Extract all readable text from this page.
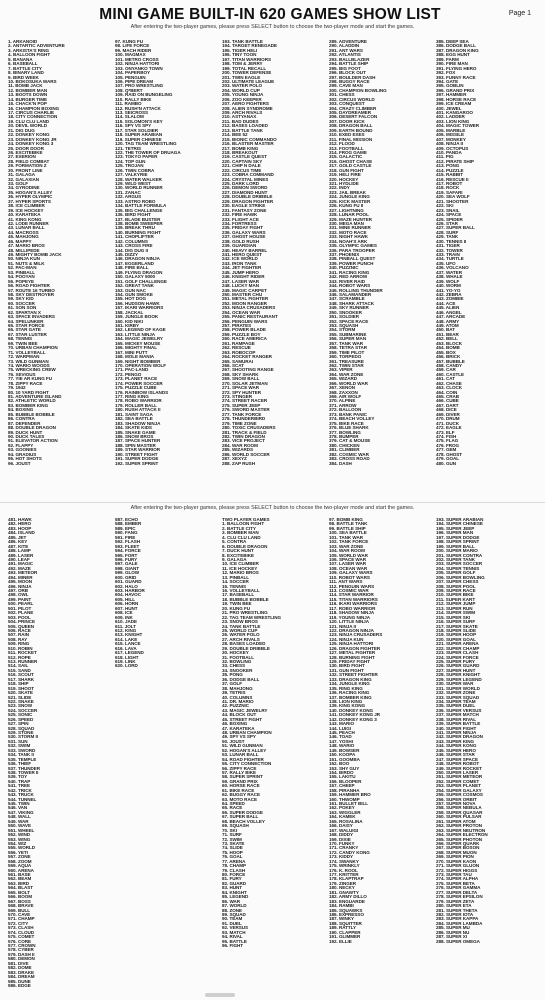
MINI GAME BUILT-IN 620 GAMES SHOW LIST	Page 1
After entering the two-player games, please press SELECT button to choose the two-player mode and start the games.
1. ARKANOID
2. ANTARTIC ADVENTURE
3. ARKISTA'S RING
4. BALLOON FIGHT
5. BANANA
6. BASEBALL
7. BATTLE CITY
8. BINARY LAND
9. BIRD WEEK
10. BOKOSUKA WARS
11. BOMB JACK
12. BOMBER MAN
13. BOOTS DOWN
14. BURGER TIME
15. CHACK'N POP
16. CHAMPION BOXING
17. CIRCUS CHARLIE
18. CITY CONNECTION
19. CLU CLU LAND
20. DEVIL WORLD
21. DIG DUG
22. DONKEY KONG
23. DONKEY KONG JR
24. DONKEY KONG 3
25. DOOR DOOR
26. EXCITEBIKE
27. EXERION
28. FIELD COMBAT
29. FORMATION Z
30. FRONT LINE
31. GALAGA
32. GALAXIAN
33. GOLF
34. GYRODINE
35. HOGAN'S ALLEY
36. HYPER OLYMPIC
37. HYPER SPORTS
38. ICE CLIMBER
39. ICE HOCKEY
40. KARATEKA
41. KING KONG
42. LODE RUNNER
43. LUNAR BALL
44. MACROSS
45. MAHJONG
46. MAPPY
47. MARIO BROS
48. MILLIPEDE
49. MIGHTY BOMB JACK
50. NINJA KUN
51. NUTS & MILK
52. PAC-MAN
53. PINBALL
54. POOYAN
55. POPEYE
56. ROAD FIGHTER
57. ROUTE 16 TURBO
58. SKY DESTROYER
59. SKY KID
60. SOCCER
61. SON SON
62. SPARTAN X
63. SPACE INVADERS
64. SPELUNKER
65. STAR FORCE
66. STAR GATE
67. STAR LUSTER
68. TENNIS
69. TWIN BEE
70. URBAN CHAMPION
71. VOLLEYBALL
72. WARPMAN
73. WILD GUNMAN
74. WARIO WOODS
75. WRECKING CREW
76. XEVIOUS
77. YIE AR KUNG FU
78. ZIPPY RACE
79. 1942
80. 10 YARD FIGHT
81. ADVENTURE ISLAND
82. ATHLETIC WORLD
83. BOMBER KING
84. BOXING
85. BUBBLE BOBBLE
86. CONTRA
87. DEFENDER
88. DOUBLE DRAGON
89. DUCK HUNT
90. DUCK TALES
91. ELEVATOR ACTION
92. FLAPPY
93. GOONIES
94. GRADIUS
95. HOT SHOTS
96. JOUST
97. KUNG FU
98. LIFE FORCE
99. MACH RIDER
100. MAGMAX
101. METRO CROSS
102. NINJA HATTORI
103. ONYANKO TOWN
104. PAPERBOY
105. PENGUIN
106. PIPE DREAM
107. PRO WRESTLING
108. Q*BERT
109. RAID ON BUNGELING
110. RALLY BIKE
111. RAMBO
112. RUSH'N ATTACK
113. SEICROSS
114. SLALOM
115. SOLOMON'S KEY
116. SPY VS SPY
117. STAR SOLDIER
118. SUPER ARABIAN
119. SUPER CHINESE
120. TAG TEAM WRESTLING
121. TETRIS
122. THE TOWER OF DRUAGA
123. TOKYO PAPER
124. TOP GUN
125. TROJAN
126. TWIN COBRA
127. VALKYRIE
128. WATER WALKER
129. WILD WEST
130. WORLD RUNNER
131. ZANAC
132. ARGUS
133. ASTRO ROBO
134. BATTLE FORMULA
135. BIG CHALLENGE
136. BIRD FIGHT
137. BLADE BUSTER
138. BOMB SWEEPER
139. BREAK THRU
140. BURNING FIGHT
141. CHOPLIFTER
142. COLUMNS
143. CROSS FIRE
144. DIG DUG II
145. DIZZY
146. DRAGON NINJA
147. EGGERLAND
148. FIRE BALL
149. FLYING DRAGON
150. GALAXY 5000
151. GOLF CHALLENGE
152. GREAT TANK
153. GUN NAC
154. GUN SMOKE
155. HOT DOG
156. HUDSON HAWK
157. IKARI WARRIORS
158. JACKAL
159. JUNGLE BOOK
160. KID NIKI
161. KIRBY
162. LEGEND OF KAGE
163. LITTLE NINJA
164. MAGIC JEWELRY
165. MICKEY MOUSE
166. MIGHTY FINAL
167. MINI PUTT
168. MOLE MANIA
169. NIGHT BOMBER
170. OPERATION WOLF
171. PAC-LAND
172. PENGO
173. PLANET RACE
174. POWER SOCCER
175. PUZZLE CUBE
176. RAINBOW ISLANDS
177. RING KING
178. ROBO WARRIOR
179. ROLLER BALL
180. RUSH ATTACK II
181. SAINT SAGA
182. SEA BATTLE
183. SHADOW NINJA
184. SKATE KIDS
185. SNAKE GAME
186. SNOW BROS
187. SPACE HUNTER
188. SPIN MASTER
189. STAR WARRIOR
190. STREET FIGHT
191. SUPER DODGE
192. SUPER SPRINT
193. TANK BATTLE
194. TARGET RENEGADE
195. TIGER HELI
196. TINY TOON
197. TITAN WARRIORS
198. TOM & JERRY
199. TOTAL RECALL
200. TOWER DEFENSE
201. TWIN EAGLE
202. ULTIMATE LEAGUE
203. WATER POLO
204. WORLD CUP
205. YOUNG NINJA
206. ZOO KEEPER
207. AERO FIGHTERS
208. ALIEN SYNDROME
209. ARCH RIVALS
210. ASTYANAX
211. BAD DUDES
212. BASES LOADED
213. BATTLE TANK
214. BEE 52
215. BIONIC COMMANDO
216. BLASTER MASTER
217. BOMB KING
218. BREAKOUT
219. CASTLE QUEST
220. CAPTAIN SKY
221. CHIP N DALE
222. CIRCUS TIME
223. COBRA COMMAND
224. CRYSTAL MINES
225. DARK LORD
226. DEMON SWORD
227. DIAMOND HUNT
228. DOUBLE DRIBBLE
229. DRAGON FIGHTER
230. EAGLE STRIKE
231. FANTASY ZONE
232. FIRE HAWK
233. FLIGHT ACE
234. FORTRESS
235. FRIDAY FIGHT
236. GALAXY WARS
237. GHOST HOUSE
238. GOLD RUSH
239. GUARDIAN
240. HEAVY BARREL
241. HERO QUEST
242. ICE WORLD
243. IRON TANK
244. JET FIGHTER
245. JUMP HERO
246. KNIGHT RIDER
247. LASER WAR
248. LUCKY MAN
249. MAGIC CARPET
250. MASTER CHU
251. METAL FIGHTER
252. MOON RANGER
253. NINJA CRUSADERS
254. OCEAN WAR
255. PANIC RESTAURANT
256. PENGUIN WARS
257. PIRATES
258. POWER BLADE
259. PUZZLE BOY
260. RACE AMERICA
261. RAMPAGE
262. RESCUE
263. ROBOCOP
264. ROCKET RANGER
265. SAMURAI
266. SCAT
267. SHOOTING RANGE
268. SKY SHARK
269. SNOW BALL
270. SOLAR JETMAN
271. SPACE WAR
272. SPY HUNTER
273. STINGER
274. STREET RACER
275. SUPER JEEP
276. SWORD MASTER
277. TANK FORCE
278. THUNDERBIRD
279. TIME ZONE
280. TOXIC CRUSADERS
281. TRACK & FIELD
282. TWIN DRAGON
283. VICE PROJECT
284. WAR ROOM
285. WIZARDS
286. WORLD SOCCER
287. XEXYZ
288. ZAP RUSH
289. ADVENTURE
290. ALADDIN
291. ANT WARS
292. ATLANTIS
293. BALLBLAZER
294. BATTLE SHIP
295. BIG FOOT
296. BLOCK OUT
297. BOULDER DASH
298. BUGGY RACE
299. CAVE MAN
300. CHAMPION BOWLING
301. CHESS
302. CIRCUS WORLD
303. CONQUEST
304. CRAZY CLIMBER
305. DAYDREAMER
306. DESERT FALCON
307. DOOR KICK
308. DRAGON BALL
309. EARTH BOUND
310. EXED EXES
311. FINAL MISSION
312. FLOOD
313. FOOTBALL
314. FROG GAME
315. GALACTIC
316. GHOST CHASE
317. GOLD CASTLE
318. GUN FIGHT
319. HELI FIRE
320. HOCKEY
321. HYDLIDE
322. INDY
323. JAIL BREAK
324. JUNGLE KING
325. KICK MASTER
326. KUNG FU II
327. LIGHTNING
328. LUNAR POOL
329. MAZE HUNTER
330. MEGA MAN
331. MINE RUNNER
332. MOTO RACE
333. NIGHT HAWK
334. NOAH'S ARK
335. OLYMPIC GAMES
336. PARA TROOPER
337. PHOENIX
338. PINBALL QUEST
339. POWER PUNCH
340. PUZZNIC
341. RACING KING
342. RED ARROW
343. RIVER RAID
344. ROBOT WARS
345. ROLLING THUNDER
346. SALAMANDER
347. SCRAMBLE
348. SHARK ATTACK
349. SKY RUNNER
350. SNOOKER
351. SOLDIER
352. SPACE RACE
353. SQUASH
354. STORM
355. SUBMARINE
356. SUPER MAN
357. TANK WAR
358. TETRA STAR
359. TIME PILOT
360. TORPEDO
361. TREASURE
362. TWIN STAR
363. VIPER
364. WAR ZONE
365. WIZARD
366. WORLD WAR
367. XENON
368. ZAXXON
369. AIR WOLF
370. ALPINE
371. ARROW
372. BALLOON
373. BANK PANIC
374. BEACH VOLLEY
375. BIKE RACE
376. BLUE SHARK
377. BOWLING
378. BUMPER
379. CAT & MOUSE
380. CHICKEN
381. CLIMBER
382. COSMIC WAR
383. CROSS ROAD
384. DASH
385. DEEP SEA
386. DODGE BALL
387. DRAGON KING
388. EGG HUNT
389. FARM
390. FIRE MAN
391. FLYING HERO
392. FOX
393. FUNNY RACE
394. GATE
395. GOBLIN
396. GRAND PRIX
397. HAMMER
398. HORSE RACE
399. ICE CREAM
400. JEWEL
401. KANGAROO
402. LADDER
403. LION KING
404. MAGIC TOWER
405. MARBLE
406. MISSILE
407. MONKEY
408. NINJA II
409. OCTOPUS
410. PANDA
411. PIG
412. PIRATE SHIP
413. PONG
414. PUZZLE
415. RABBIT
416. RESCUE II
417. ROBOT
418. ROCK
419. SAFARI
420. SEA WOLF
421. SHOOTER
422. SKI
423. SNAIL
424. SPACE
425. SPIDER
426. STAR
427. SUPER BALL
428. SURF
429. TANK
430. TENNIS II
431. TIGER
432. TOWER
433. TRAIN
434. TURTLE
435. UFO
436. VOLCANO
437. WATER
438. WHALE
439. WOLF
440. WORM
441. YO-YO
442. ZEBRA
443. ZOMBIE
444. ACE
445. ALIEN
446. ANGEL
447. ARCADE
448. ARMY
449. ATOM
450. BAT
451. BEAR
452. BELL
453. BLOCK
454. BOMB
455. BOX
456. BRICK
457. BUBBLE
458. CANDY
459. CAR
460. CASTLE
461. CAT
462. CHASE
463. CLOCK
464. COIN
465. CRAB
466. CUBE
467. DART
468. DICE
469. DIVER
470. DRUM
471. DUCK
472. EAGLE
473. ELF
474. FISH
475. FLAG
476. FROG
477. GEM
478. GHOST
479. GOAL
480. GUN
After entering the two-player games, please press SELECT button to choose the two-player mode and start the games.
481. HAWK
482. HERO
483. HOOP
484. ISLAND
485. JET
486. KEY
487. KITE
488. LAMP
489. LASER
490. LEAF
491. MAGIC
492. MAZE
493. METEOR
494. MINER
495. MOON
496. NINJA
497. ORB
498. OWL
499. PAINT
500. PEARL
501. PILOT
502. PLANE
503. POOL
504. PRINCE
505. QUEEN
506. RACE
507. RAIN
508. RAY
509. RING
510. ROBIN
511. ROCKET
512. ROPE
513. RUNNER
514. SAIL
515. SAND
516. SCOUT
517. SHARK
518. SHIP
519. SHOOT
520. SKATE
521. SLIDE
522. SNAKE
523. SNOW
524. SOCCER
525. SONIC
526. SPEED
527. SPIN
528. SQUAD
529. STONE
530. STORM II
531. SUN
532. SWIM
533. SWORD
534. TANK II
535. TEMPLE
536. THIEF
537. THUNDER
538. TOWER II
539. TOY
540. TRAP
541. TREE
542. TRICK
543. TRUCK
544. TUNNEL
545. TWIN
546. VAN
547. VIKING
548. WALL
549. WAR
550. WAVE
551. WHEEL
552. WIND
553. WING
554. WIZ
555. WORLD
556. YETI
557. ZONE
558. ZOOM
559. AQUA
560. ARENA
561. BASE
562. BEAM
563. BIRD
564. BLAST
565. BOLT
566. BOOM
567. BOSS
568. BRAVE
569. BULL
570. CAVE
571. CHAMP
572. CITY
573. CLASH
574. CLOUD
575. COMET
576. CORE
577. CROWN
578. CYBER
579. DASH II
580. DEMON
581. DIVE
582. DOME
583. DRAKE
584. DREAM
585. DUNE
586. EDGE
587. ECHO
588. EMBER
589. EPIC
590. FANG
591. FIRE
592. FLASH
593. FLEET
594. FORCE
595. FORT
596. FURY
597. GALE
598. GIANT
599. GLOW
600. GRID
601. GUARD
602. HALO
603. HARBOR
604. HAVOC
605. HILL
606. HORN
607. HUNT
608. ICE
609. INK
610. JADE
611. JOLT
612. KING
613. KNIGHT
614. LAKE
615. LANCE
616. LAVA
617. LEGEND
618. LIGHT
619. LINK
620. LORD
TWO PLAYER GAMES
1. BALLOON FIGHT
2. BATTLE CITY
3. BOMBER MAN
4. CLU CLU LAND
5. CONTRA
6. DOUBLE DRAGON
7. DUCK HUNT
8. EXCITEBIKE
9. GALAGA
10. ICE CLIMBER
11. ICE HOCKEY
12. MARIO BROS
13. PINBALL
14. SOCCER
15. TENNIS
16. VOLLEYBALL
17. BASEBALL
18. BUBBLE BOBBLE
19. TWIN BEE
20. KUNG FU
21. PRO WRESTLING
22. TAG TEAM WRESTLING
23. SNOW BROS
24. TANK BATTLE
25. WORLD CUP
26. WATER POLO
27. ARCH RIVALS
28. BASES LOADED
29. DOUBLE DRIBBLE
30. HOCKEY
31. FOOTBALL
32. BOWLING
33. CHESS
34. SNOOKER
35. PONG
36. DODGE BALL
37. GOLF
38. MAHJONG
39. TETRIS
40. COLUMNS
41. DR. MARIO
42. PUZZNIC
43. MAGIC JEWELRY
44. BLOCK OUT
45. STREET FIGHT
46. BOXING
47. KARATEKA
48. URBAN CHAMPION
49. SPY VS SPY
50. JOUST
51. WILD GUNMAN
52. HOGAN'S ALLEY
53. LUNAR BALL
54. ROAD FIGHTER
55. CITY CONNECTION
56. ZIPPY RACE
57. RALLY BIKE
58. SUPER SPRINT
59. GRAND PRIX
60. HORSE RACE
61. BIKE RACE
62. BUGGY RACE
63. MOTO RACE
64. SPEED
65. RACE
66. SUPER DODGE
67. SUPER BALL
68. BEACH VOLLEY
69. SQUASH
70. SKI
71. SURF
72. SWIM
73. SKATE
74. SLIDE
75. HOOP
76. GOAL
77. ARENA
78. CHAMP
79. CLASH
80. FORCE
81. FURY
82. GUARD
83. HUNT
84. KNIGHT
85. LEGEND
86. WAR
87. WORLD
88. ZONE
89. SQUAD
90. TEAM
91. DUEL
92. VERSUS
93. MATCH
94. RIVAL
95. BATTLE
96. FIGHT
97. BOMB KING
98. BATTLE TANK
99. BATTLE SHIP
100. SEA BATTLE
101. TANK WAR
102. TANK FORCE
103. WAR ZONE
104. WAR ROOM
105. WORLD WAR
106. SPACE WAR
107. LASER WAR
108. OCEAN WAR
109. GALAXY WARS
110. ROBOT WARS
111. ANT WARS
112. PENGUIN WARS
113. COSMIC WAR
114. STAR WARRIOR
115. TITAN WARRIORS
116. IKARI WARRIORS
117. ROBO WARRIOR
118. SHADOW NINJA
119. YOUNG NINJA
120. LITTLE NINJA
121. NINJA II
122. DRAGON NINJA
123. NINJA CRUSADERS
124. NINJA KUN
125. NINJA HATTORI
126. DRAGON FIGHTER
127. METAL FIGHTER
128. BURNING FIGHT
129. FRIDAY FIGHT
130. BIRD FIGHT
131. GUN FIGHT
132. STREET FIGHTER
133. DRAGON KING
134. JUNGLE KING
135. RING KING
136. RACING KING
137. BOMBER KING
138. LION KING
139. KING KONG
140. DONKEY KONG
141. DONKEY KONG JR
142. DONKEY KONG 3
143. MARIO
144. LUIGI
145. PEACH
146. TOAD
147. YOSHI
148. WARIO
149. BOWSER
150. KOOPA
151. GOOMBA
152. BOO
153. SHY GUY
154. BIRDO
155. LAKITU
156. BLOOPER
157. CHEEP
158. PIRANHA
159. HAMMER BRO
160. THWOMP
161. BULLET BILL
162. POKEY
163. WIGGLER
164. KAMEK
165. ROSALINA
166. DAISY
167. WALUIGI
168. DIDDY
169. DIXIE
170. FUNKY
171. CRANKY
172. CANDY KONG
173. KIDDY
174. SWANKY
175. WRINKLY
176. K. ROOL
177. KRITTER
178. KLAPTRAP
179. ZINGER
180. NECKY
181. GNAWTY
182. ARMY DILLO
183. ENGUARDE
184. RAMBI
185. SQUAWKS
186. EXPRESSO
187. WINKY
188. SQUITTER
189. RATTLY
190. CLAPPER
191. GLIMMER
192. ELLIE
193. SUPER ARABIAN
194. SUPER CHINESE
195. SUPER JEEP
196. SUPER MAN
197. SUPER DODGE
198. SUPER SPRINT
199. SUPER BALL
200. SUPER MARIO
201. SUPER CONTRA
202. SUPER TANK
203. SUPER SOCCER
204. SUPER TENNIS
205. SUPER GOLF
206. SUPER BOWLING
207. SUPER CHESS
208. SUPER POOL
209. SUPER RACE
210. SUPER BIKE
211. SUPER KART
212. SUPER JUMP
213. SUPER RUN
214. SUPER SWIM
215. SUPER SKI
216. SUPER SURF
217. SUPER SKATE
218. SUPER SLIDE
219. SUPER HOOP
220. SUPER GOAL
221. SUPER ARENA
222. SUPER CHAMP
223. SUPER CLASH
224. SUPER FORCE
225. SUPER FURY
226. SUPER GUARD
227. SUPER HUNT
228. SUPER KNIGHT
229. SUPER LEGEND
230. SUPER WAR
231. SUPER WORLD
232. SUPER ZONE
233. SUPER SQUAD
234. SUPER TEAM
235. SUPER DUEL
236. SUPER VERSUS
237. SUPER MATCH
238. SUPER RIVAL
239. SUPER BATTLE
240. SUPER FIGHT
241. SUPER NINJA
242. SUPER DRAGON
243. SUPER KING
244. SUPER KONG
245. SUPER HERO
246. SUPER STAR
247. SUPER SPACE
248. SUPER ROBOT
249. SUPER ROCKET
250. SUPER LASER
251. SUPER METEOR
252. SUPER COMET
253. SUPER PLANET
254. SUPER GALAXY
255. SUPER COSMOS
256. SUPER ORBIT
257. SUPER NOVA
258. SUPER NEBULA
259. SUPER QUASAR
260. SUPER PULSAR
261. SUPER ATOM
262. SUPER PROTON
263. SUPER NEUTRON
264. SUPER ELECTRON
265. SUPER PHOTON
266. SUPER QUARK
267. SUPER BOSON
268. SUPER MUON
269. SUPER PION
270. SUPER KAON
271. SUPER GLUON
272. SUPER HIGGS
273. SUPER TAU
274. SUPER ALPHA
275. SUPER BETA
276. SUPER GAMMA
277. SUPER DELTA
278. SUPER EPSILON
279. SUPER ZETA
280. SUPER ETA
281. SUPER THETA
282. SUPER IOTA
283. SUPER KAPPA
284. SUPER LAMBDA
285. SUPER MU
286. SUPER NU
287. SUPER XI
288. SUPER OMEGA
